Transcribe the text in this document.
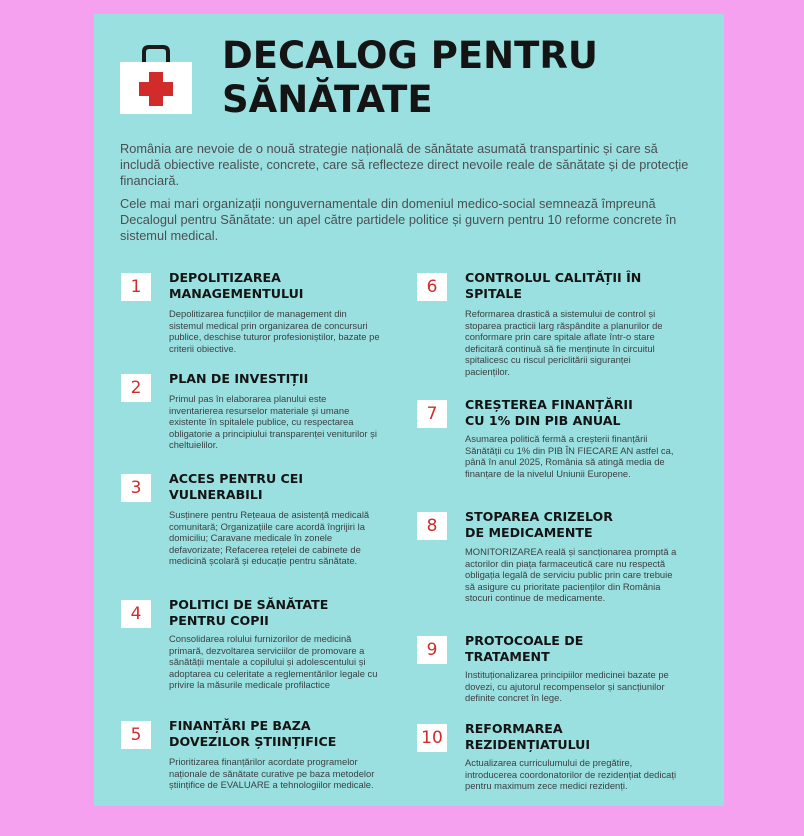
DECALOG PENTRU
SĂNĂTATE

România are nevoie de o nouă strategie națională de sănătate asumată transpartinic și care să includă obiective realiste, concrete, care să reflecteze direct nevoile reale de sănătate și de protecție financiară.

Cele mai mari organizații nonguvernamentale din domeniul medico-social semnează împreună Decalogul pentru Sănătate: un apel către partidele politice și guvern pentru 10 reforme concrete în sistemul medical.

1	DEPOLITIZAREA MANAGEMENTULUI

Depolitizarea funcțiilor de management din sistemul medical prin organizarea de concursuri publice, deschise tuturor profesioniștilor, bazate pe criterii obiective.

2	PLAN DE INVESTIȚII

Primul pas în elaborarea planului este inventarierea resurselor materiale și umane existente în spitalele publice, cu respectarea obligatorie a principiului transparenței veniturilor și cheltuielilor.

3	ACCES PENTRU CEI VULNERABILI

Susținere pentru Rețeaua de asistență medicală comunitară; Organizațiile care acordă îngrijiri la domiciliu; Caravane medicale în zonele defavorizate; Refacerea rețelei de cabinete de medicină școlară și educație pentru sănătate.

4	POLITICI DE SĂNĂTATE PENTRU COPII

Consolidarea rolului furnizorilor de medicină primară, dezvoltarea serviciilor de promovare a sănătății mentale a copilului și adolescentului și adoptarea cu celeritate a reglementărilor legale cu privire la măsurile medicale profilactice

5	FINANȚĂRI PE BAZA DOVEZILOR ȘTIINȚIFICE

Prioritizarea finanțărilor acordate programelor naționale de sănătate curative pe baza metodelor științifice de EVALUARE a tehnologiilor medicale.

6	CONTROLUL CALITĂȚII ÎN SPITALE

Reformarea drastică a sistemului de control și stoparea practicii larg răspândite a planurilor de conformare prin care spitale aflate într-o stare deficitară continuă să fie menținute în circuitul spitalicesc cu riscul periclitării siguranței pacienților.

7	CREȘTEREA FINANȚĂRII CU 1% DIN PIB ANUAL

Asumarea politică fermă a creșterii finanțării Sănătății cu 1% din PIB ÎN FIECARE AN astfel ca, până în anul 2025, România să atingă media de finanțare de la nivelul Uniunii Europene.

8	STOPAREA CRIZELOR DE MEDICAMENTE

MONITORIZAREA reală și sancționarea promptă a actorilor din piața farmaceutică care nu respectă obligația legală de serviciu public prin care trebuie să asigure cu prioritate pacienților din România stocuri continue de medicamente.

9	PROTOCOALE DE TRATAMENT

Instituționalizarea principiilor medicinei bazate pe dovezi, cu ajutorul recompenselor și sancțiunilor definite concret în lege.

10	REFORMAREA REZIDENȚIATULUI

Actualizarea curriculumului de pregătire, introducerea coordonatorilor de rezidențiat dedicați pentru maximum zece medici rezidenți.
